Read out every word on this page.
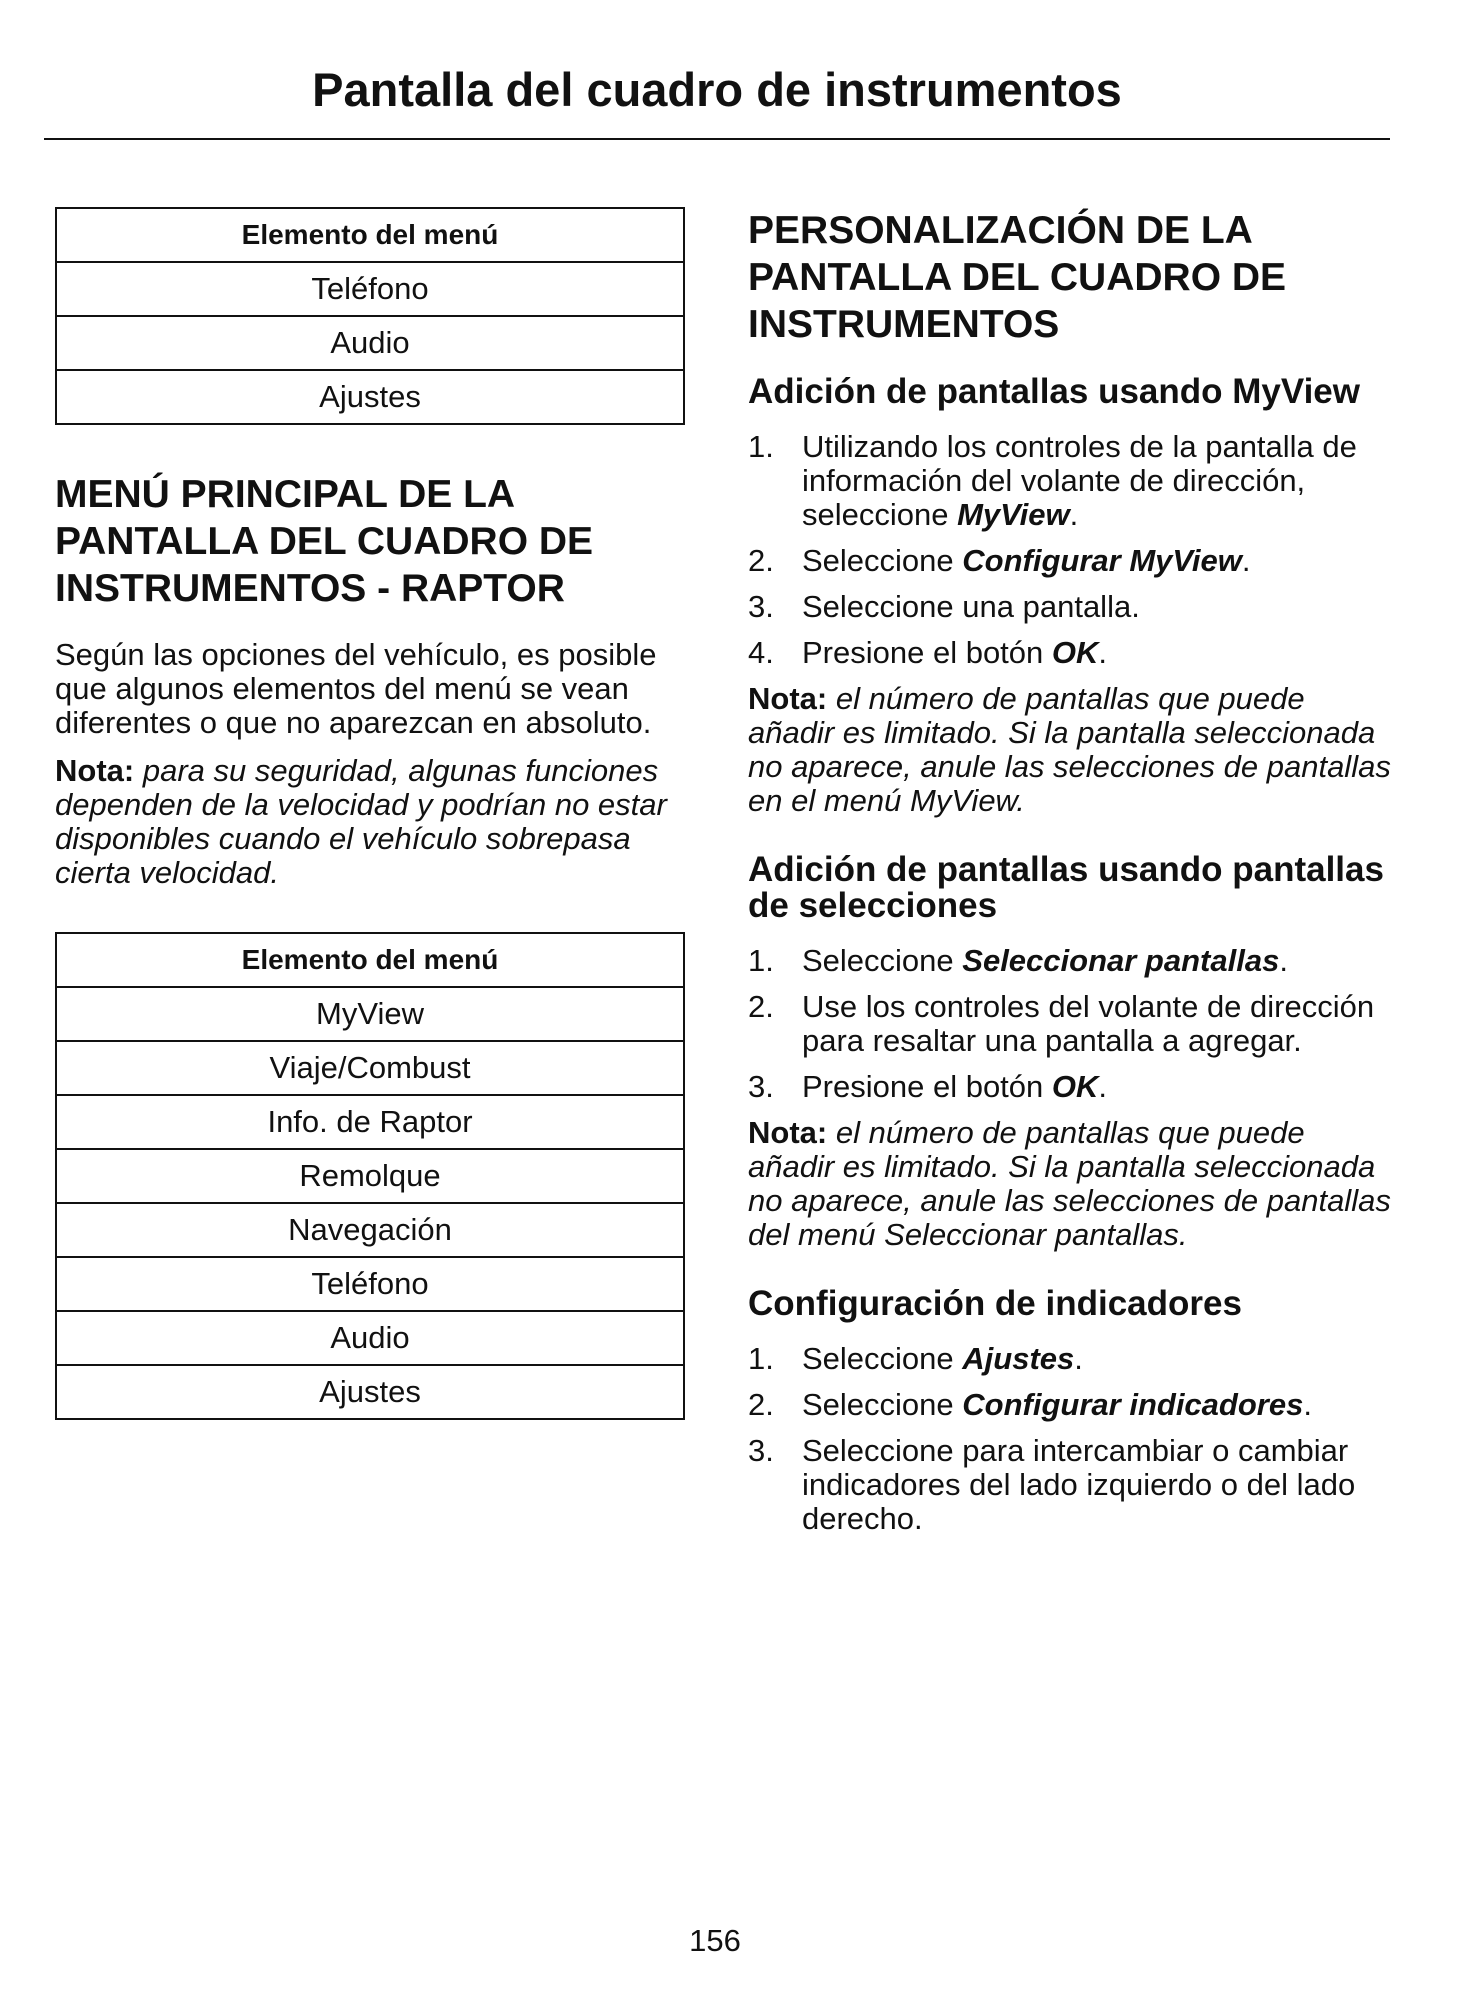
Pantalla del cuadro de instrumentos
Elemento del menú
Teléfono
Audio
Ajustes
MENÚ PRINCIPAL DE LA
PANTALLA DEL CUADRO DE
INSTRUMENTOS - RAPTOR

Según las opciones del vehículo, es posible que algunos elementos del menú se vean diferentes o que no aparezcan en absoluto.

Nota: para su seguridad, algunas funciones dependen de la velocidad y podrían no estar disponibles cuando el vehículo sobrepasa cierta velocidad.

Elemento del menú
MyView
Viaje/Combust
Info. de Raptor
Remolque
Navegación
Teléfono
Audio
Ajustes
PERSONALIZACIÓN DE LA
PANTALLA DEL CUADRO DE
INSTRUMENTOS
Adición de pantallas usando MyView
1. Utilizando los controles de la pantalla de información del volante de dirección, seleccione MyView.
2. Seleccione Configurar MyView.
3. Seleccione una pantalla.
4. Presione el botón OK.

Nota: el número de pantallas que puede añadir es limitado. Si la pantalla seleccionada no aparece, anule las selecciones de pantallas en el menú MyView.

Adición de pantallas usando pantallas de selecciones
1. Seleccione Seleccionar pantallas.
2. Use los controles del volante de dirección para resaltar una pantalla a agregar.
3. Presione el botón OK.

Nota: el número de pantallas que puede añadir es limitado. Si la pantalla seleccionada no aparece, anule las selecciones de pantallas del menú Seleccionar pantallas.

Configuración de indicadores
1. Seleccione Ajustes.
2. Seleccione Configurar indicadores.
3. Seleccione para intercambiar o cambiar indicadores del lado izquierdo o del lado derecho.
156
